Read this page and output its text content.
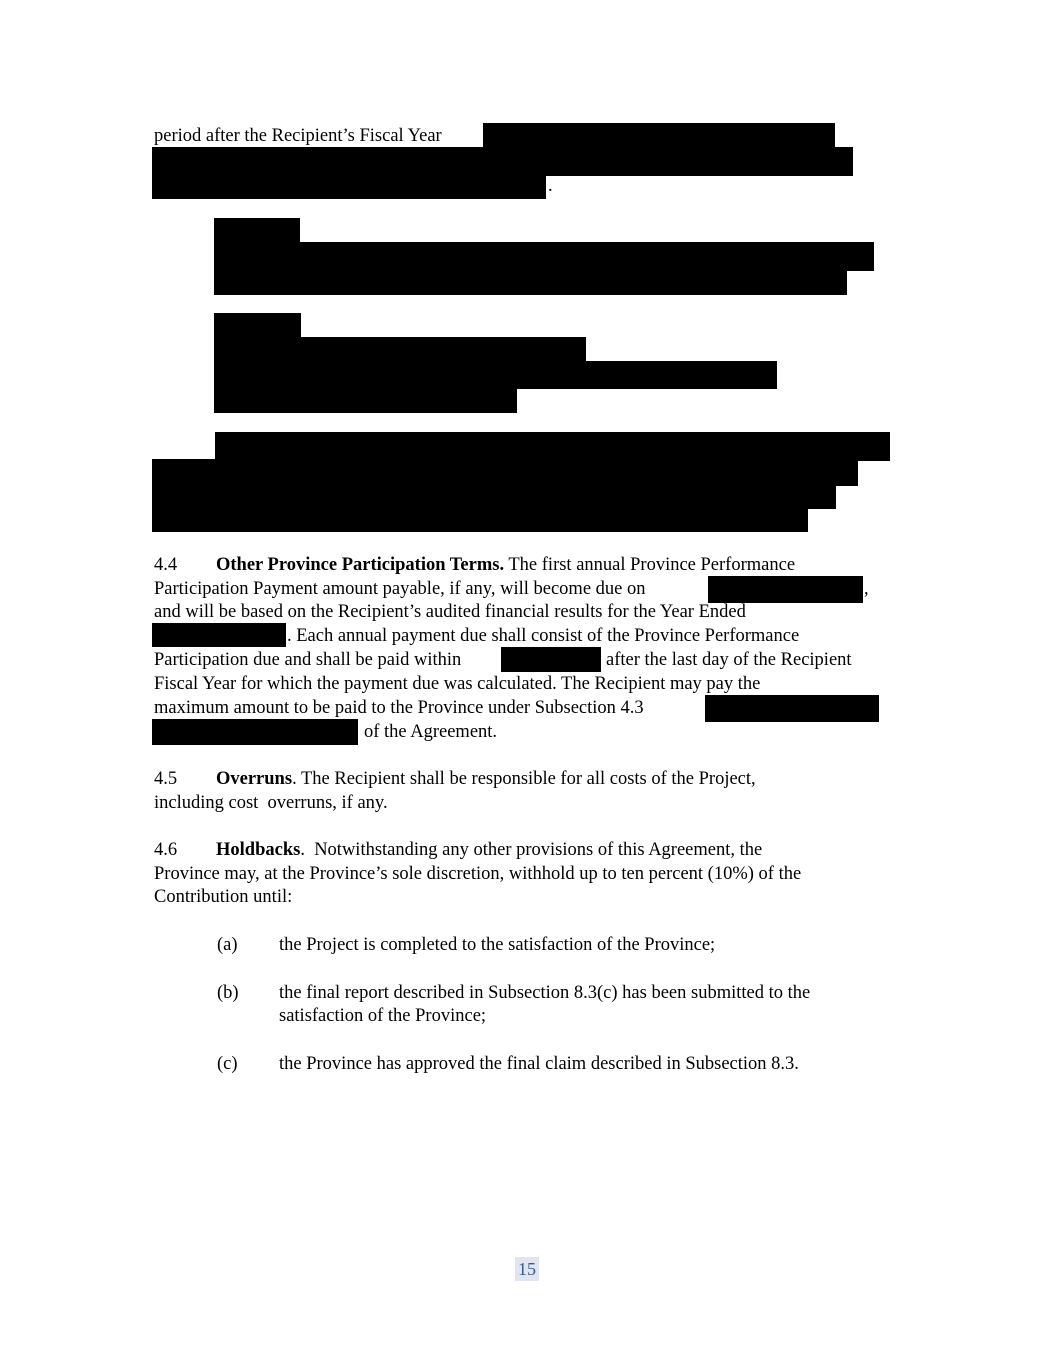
period after the Recipient’s Fiscal Year
.
4.4 Other Province Participation Terms. The first annual Province Performance
Participation Payment amount payable, if any, will become due on	,
and will be based on the Recipient’s audited financial results for the Year Ended
. Each annual payment due shall consist of the Province Performance
Participation due and shall be paid within	after the last day of the Recipient
Fiscal Year for which the payment due was calculated. The Recipient may pay the
maximum amount to be paid to the Province under Subsection 4.3
of the Agreement.
4.5 Overruns. The Recipient shall be responsible for all costs of the Project,
including cost overruns, if any.
4.6 Holdbacks. Notwithstanding any other provisions of this Agreement, the
Province may, at the Province’s sole discretion, withhold up to ten percent (10%) of the
Contribution until:
(a) the Project is completed to the satisfaction of the Province;
(b) the final report described in Subsection 8.3(c) has been submitted to the
satisfaction of the Province;
(c) the Province has approved the final claim described in Subsection 8.3.
15
